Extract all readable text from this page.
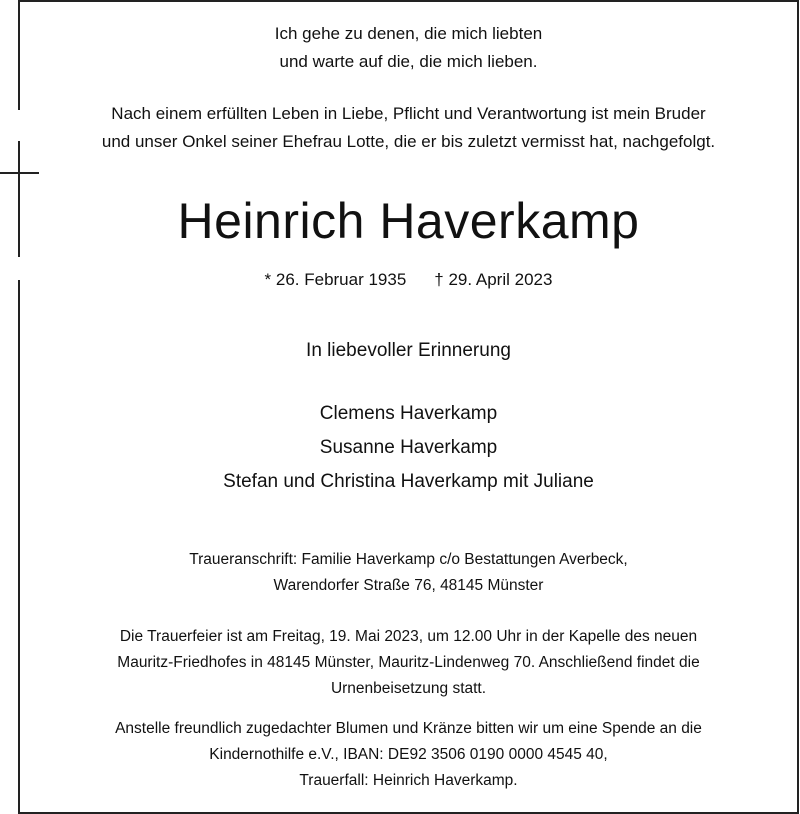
Ich gehe zu denen, die mich liebten
und warte auf die, die mich lieben.
Nach einem erfüllten Leben in Liebe, Pflicht und Verantwortung ist mein Bruder
und unser Onkel seiner Ehefrau Lotte, die er bis zuletzt vermisst hat, nachgefolgt.
Heinrich Haverkamp
* 26. Februar 1935 † 29. April 2023
In liebevoller Erinnerung
Clemens Haverkamp
Susanne Haverkamp
Stefan und Christina Haverkamp mit Juliane
Traueranschrift: Familie Haverkamp c/o Bestattungen Averbeck,
Warendorfer Straße 76, 48145 Münster
Die Trauerfeier ist am Freitag, 19. Mai 2023, um 12.00 Uhr in der Kapelle des neuen
Mauritz-Friedhofes in 48145 Münster, Mauritz-Lindenweg 70. Anschließend findet die
Urnenbeisetzung statt.
Anstelle freundlich zugedachter Blumen und Kränze bitten wir um eine Spende an die
Kindernothilfe e.V., IBAN: DE92 3506 0190 0000 4545 40,
Trauerfall: Heinrich Haverkamp.
